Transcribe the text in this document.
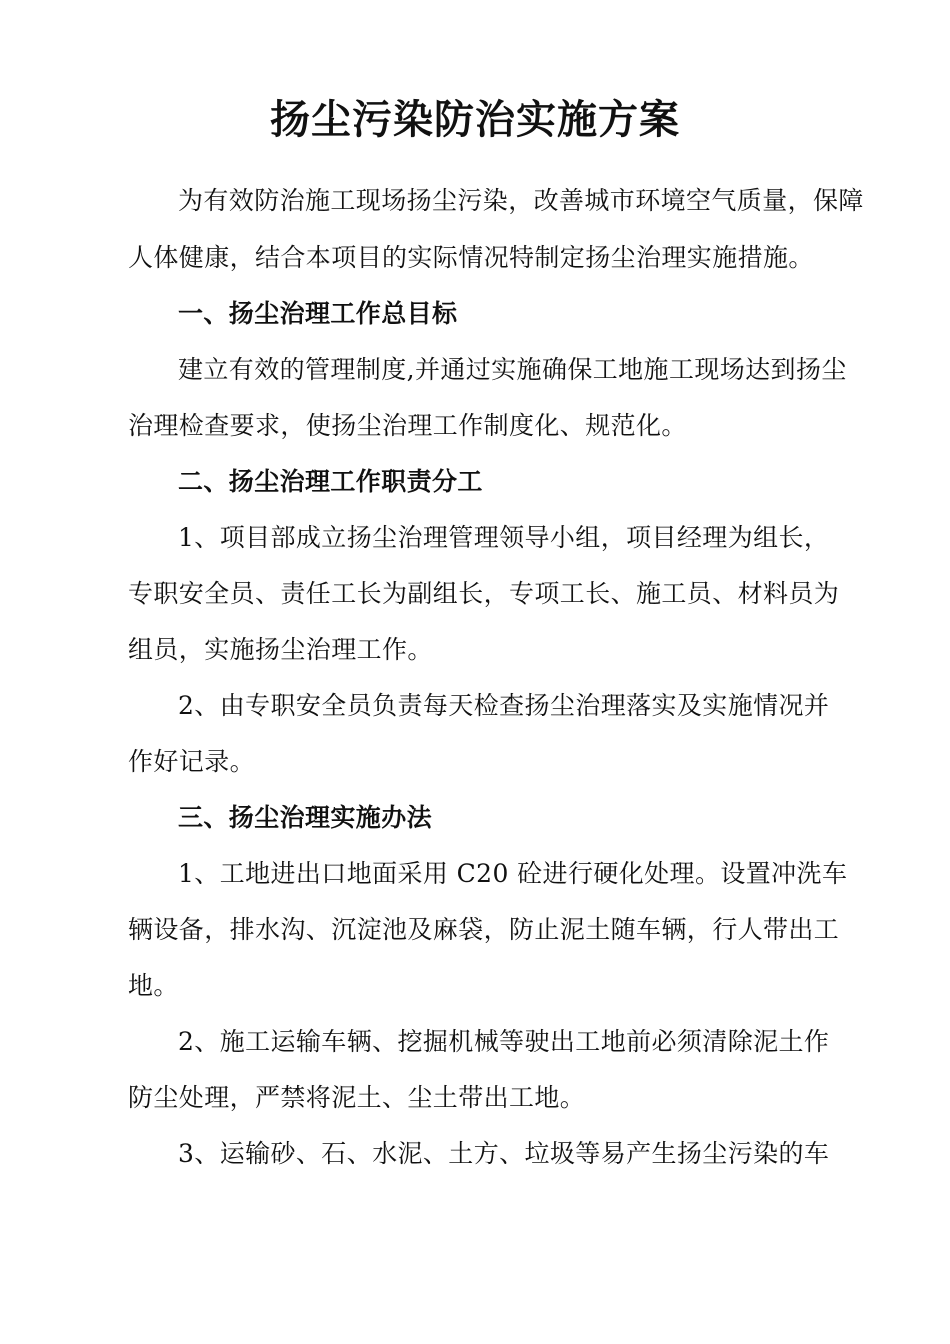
扬尘污染防治实施方案
为有效防治施工现场扬尘污染，改善城市环境空气质量，保障
人体健康，结合本项目的实际情况特制定扬尘治理实施措施。
一、扬尘治理工作总目标
建立有效的管理制度,并通过实施确保工地施工现场达到扬尘
治理检查要求，使扬尘治理工作制度化、规范化。
二、扬尘治理工作职责分工
1、项目部成立扬尘治理管理领导小组，项目经理为组长，
专职安全员、责任工长为副组长，专项工长、施工员、材料员为
组员，实施扬尘治理工作。
2、由专职安全员负责每天检查扬尘治理落实及实施情况并
作好记录。
三、扬尘治理实施办法
1、工地进出口地面采用 C20 砼进行硬化处理。设置冲洗车
辆设备，排水沟、沉淀池及麻袋，防止泥土随车辆，行人带出工
地。
2、施工运输车辆、挖掘机械等驶出工地前必须清除泥土作
防尘处理，严禁将泥土、尘土带出工地。
3、运输砂、石、水泥、土方、垃圾等易产生扬尘污染的车
